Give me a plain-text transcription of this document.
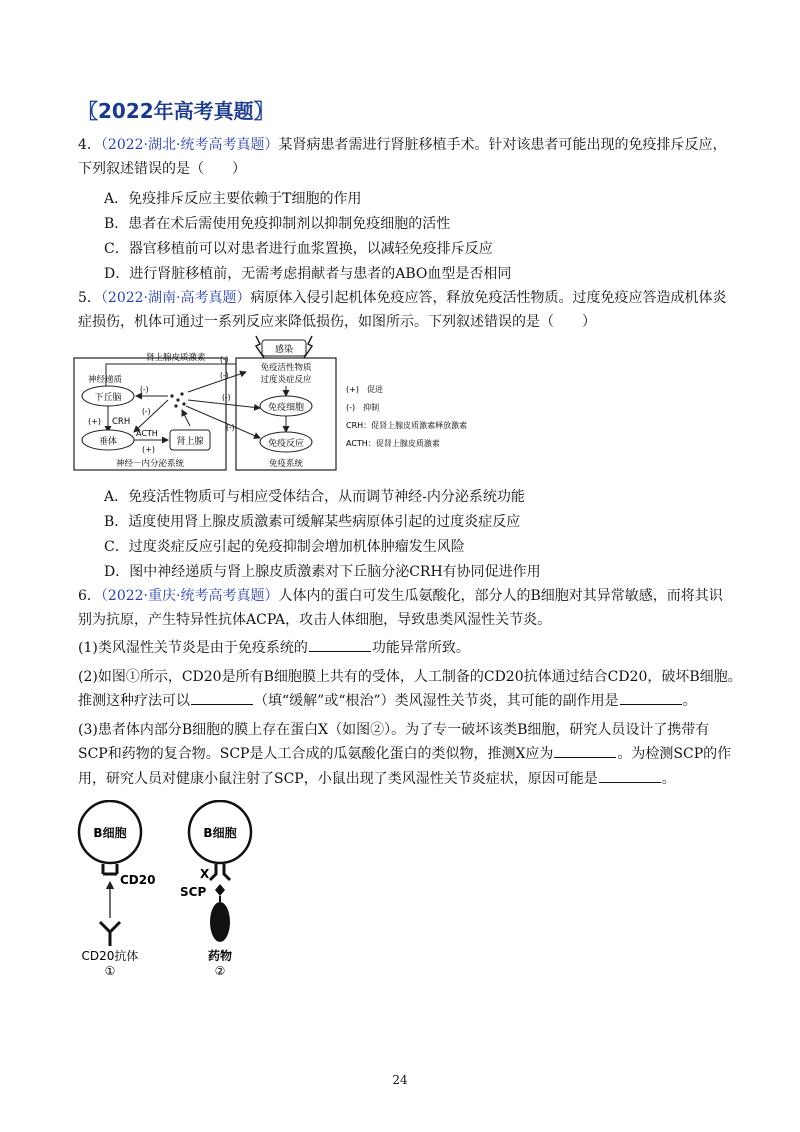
〖2022年高考真题〗
4．（2022·湖北·统考高考真题）某肾病患者需进行肾脏移植手术。针对该患者可能出现的免疫排斥反应，
下列叙述错误的是（　　）
A．免疫排斥反应主要依赖于T细胞的作用
B．患者在术后需使用免疫抑制剂以抑制免疫细胞的活性
C．器官移植前可以对患者进行血浆置换，以减轻免疫排斥反应
D．进行肾脏移植前，无需考虑捐献者与患者的ABO血型是否相同
5．（2022·湖南·高考真题）病原体入侵引起机体免疫应答，释放免疫活性物质。过度免疫应答造成机体炎
症损伤，机体可通过一系列反应来降低损伤，如图所示。下列叙述错误的是（　　）
感染
神经递质
下丘脑
(+) CRH
垂体
ACTH
(+)
肾上腺
肾上腺皮质激素 (-)
(-)
(-)
(-)
(-)
(-)
免疫活性物质
过度炎症反应
免疫细胞
免疫反应
神经－内分泌系统	免疫系统
(+)　促进
(-)　抑制
CRH：促肾上腺皮质激素释放激素
ACTH：促肾上腺皮质激素
A．免疫活性物质可与相应受体结合，从而调节神经-内分泌系统功能
B．适度使用肾上腺皮质激素可缓解某些病原体引起的过度炎症反应
C．过度炎症反应引起的免疫抑制会增加机体肿瘤发生风险
D．图中神经递质与肾上腺皮质激素对下丘脑分泌CRH有协同促进作用
6．（2022·重庆·统考高考真题）人体内的蛋白可发生瓜氨酸化，部分人的B细胞对其异常敏感，而将其识
别为抗原，产生特异性抗体ACPA，攻击人体细胞，导致患类风湿性关节炎。
(1)类风湿性关节炎是由于免疫系统的	功能异常所致。
(2)如图①所示，CD20是所有B细胞膜上共有的受体，人工制备的CD20抗体通过结合CD20，破坏B细胞。
推测这种疗法可以	（填“缓解”或“根治”）类风湿性关节炎，其可能的副作用是	。
(3)患者体内部分B细胞的膜上存在蛋白X（如图②）。为了专一破坏该类B细胞，研究人员设计了携带有
SCP和药物的复合物。SCP是人工合成的瓜氨酸化蛋白的类似物，推测X应为	。为检测SCP的作
用，研究人员对健康小鼠注射了SCP，小鼠出现了类风湿性关节炎症状，原因可能是	。
B细胞
CD20
CD20抗体
①
B细胞
X
SCP
药物
②
24
